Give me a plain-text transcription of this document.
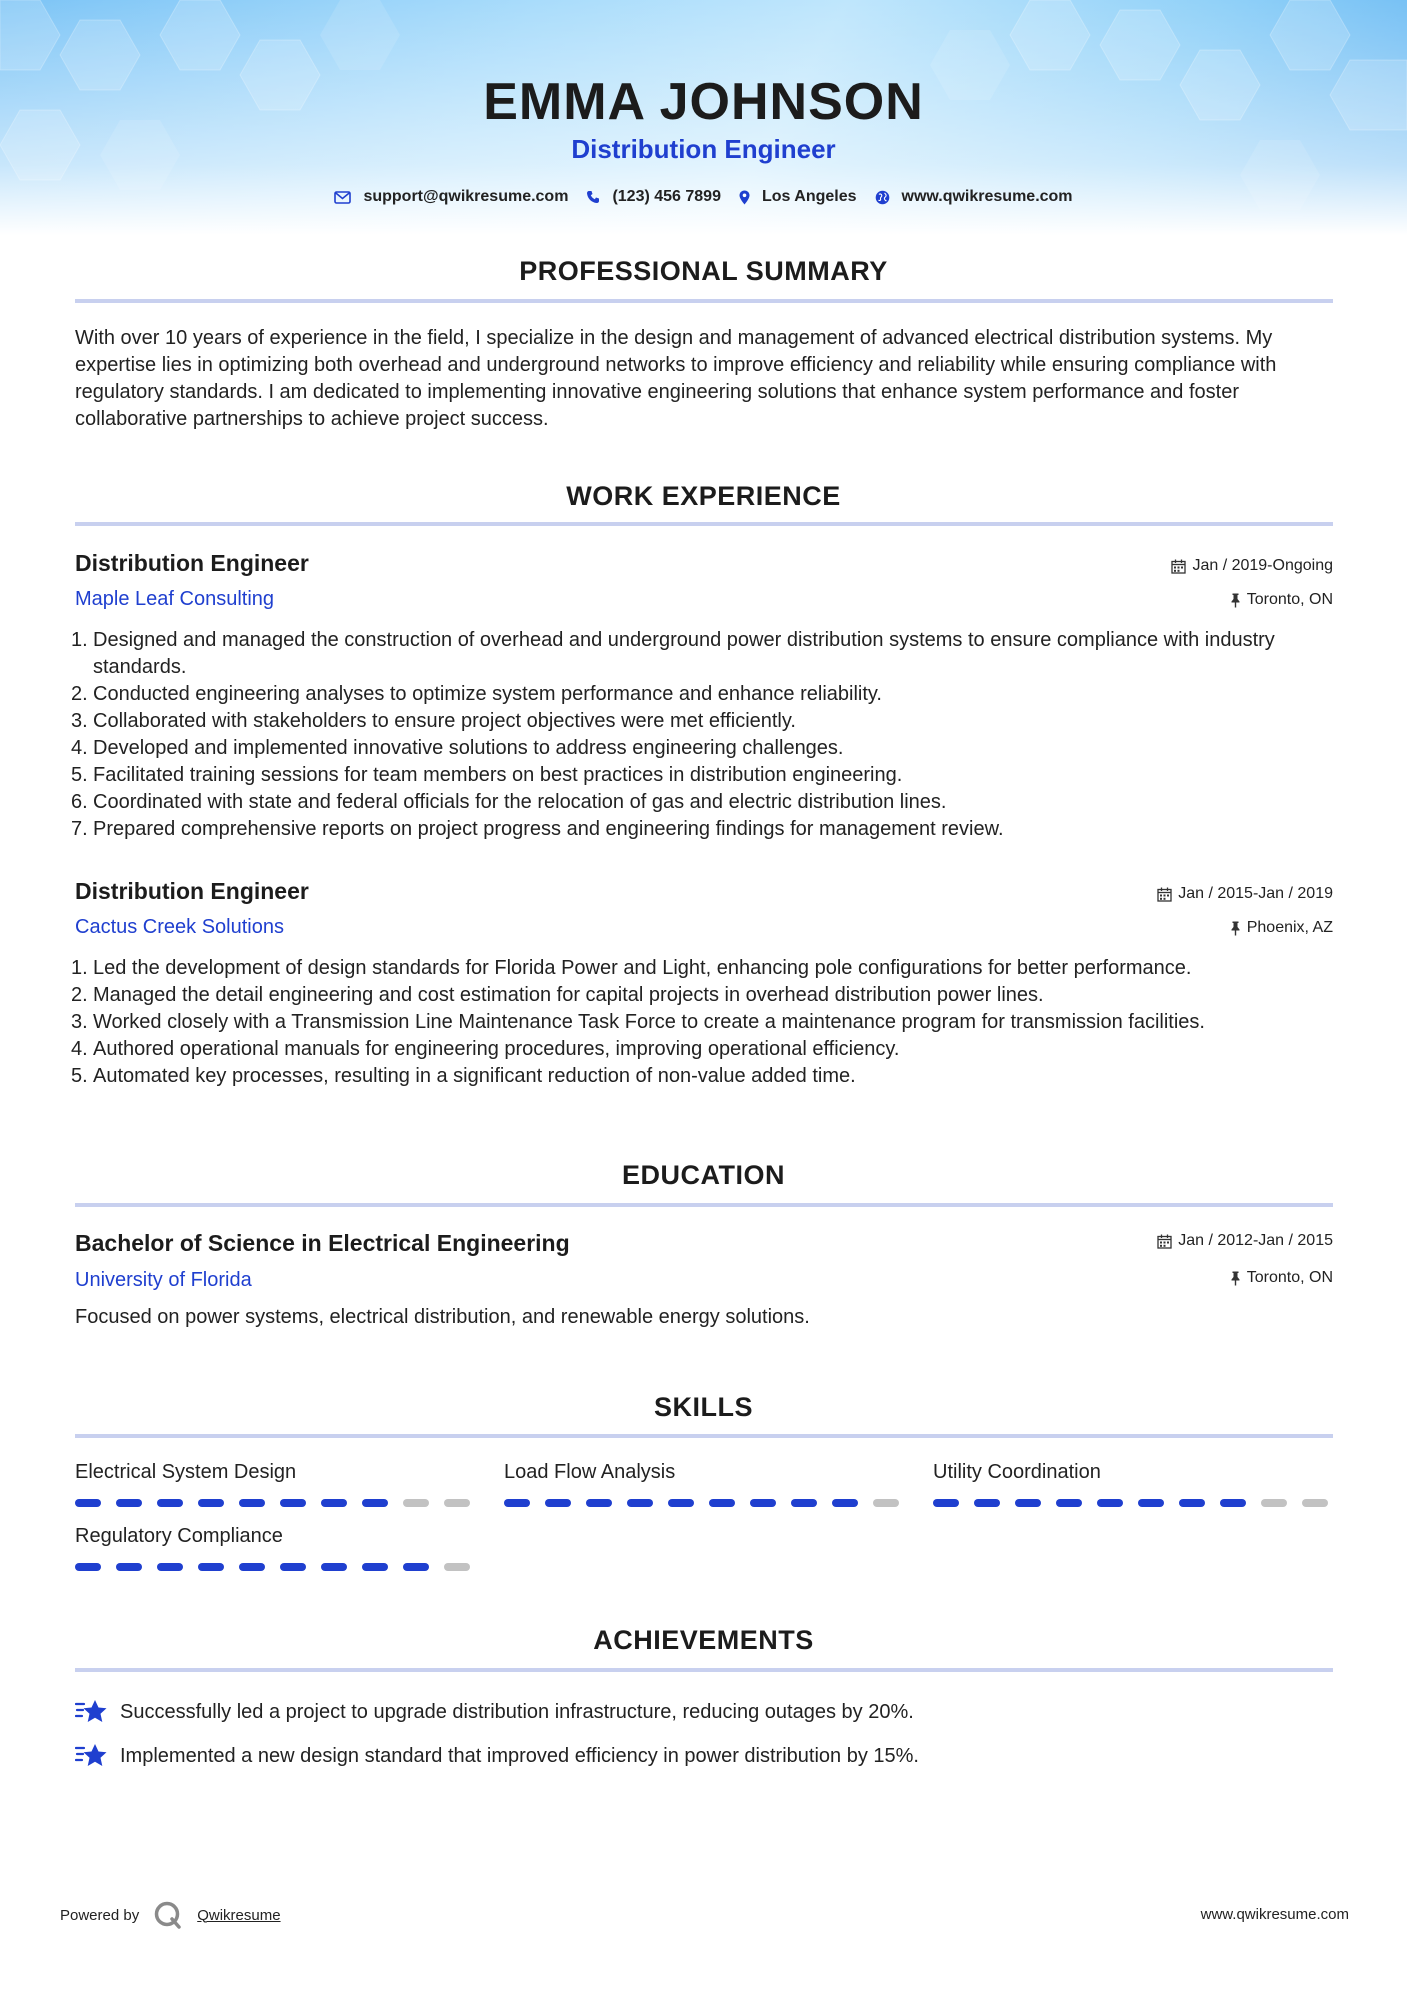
EMMA JOHNSON
Distribution Engineer
support@qwikresume.com	(123) 456 7899	Los Angeles	www.qwikresume.com
PROFESSIONAL SUMMARY
With over 10 years of experience in the field, I specialize in the design and management of advanced electrical distribution systems. My expertise lies in optimizing both overhead and underground networks to improve efficiency and reliability while ensuring compliance with regulatory standards. I am dedicated to implementing innovative engineering solutions that enhance system performance and foster collaborative partnerships to achieve project success.
WORK EXPERIENCE
Distribution Engineer	Jan / 2019-Ongoing
Maple Leaf Consulting	Toronto, ON
1. Designed and managed the construction of overhead and underground power distribution systems to ensure compliance with industry standards.
2. Conducted engineering analyses to optimize system performance and enhance reliability.
3. Collaborated with stakeholders to ensure project objectives were met efficiently.
4. Developed and implemented innovative solutions to address engineering challenges.
5. Facilitated training sessions for team members on best practices in distribution engineering.
6. Coordinated with state and federal officials for the relocation of gas and electric distribution lines.
7. Prepared comprehensive reports on project progress and engineering findings for management review.
Distribution Engineer	Jan / 2015-Jan / 2019
Cactus Creek Solutions	Phoenix, AZ
1. Led the development of design standards for Florida Power and Light, enhancing pole configurations for better performance.
2. Managed the detail engineering and cost estimation for capital projects in overhead distribution power lines.
3. Worked closely with a Transmission Line Maintenance Task Force to create a maintenance program for transmission facilities.
4. Authored operational manuals for engineering procedures, improving operational efficiency.
5. Automated key processes, resulting in a significant reduction of non-value added time.
EDUCATION
Bachelor of Science in Electrical Engineering	Jan / 2012-Jan / 2015
University of Florida	Toronto, ON
Focused on power systems, electrical distribution, and renewable energy solutions.
SKILLS
Electrical System Design	Load Flow Analysis	Utility Coordination
Regulatory Compliance
ACHIEVEMENTS
Successfully led a project to upgrade distribution infrastructure, reducing outages by 20%.
Implemented a new design standard that improved efficiency in power distribution by 15%.
Powered by	Qwikresume	www.qwikresume.com
